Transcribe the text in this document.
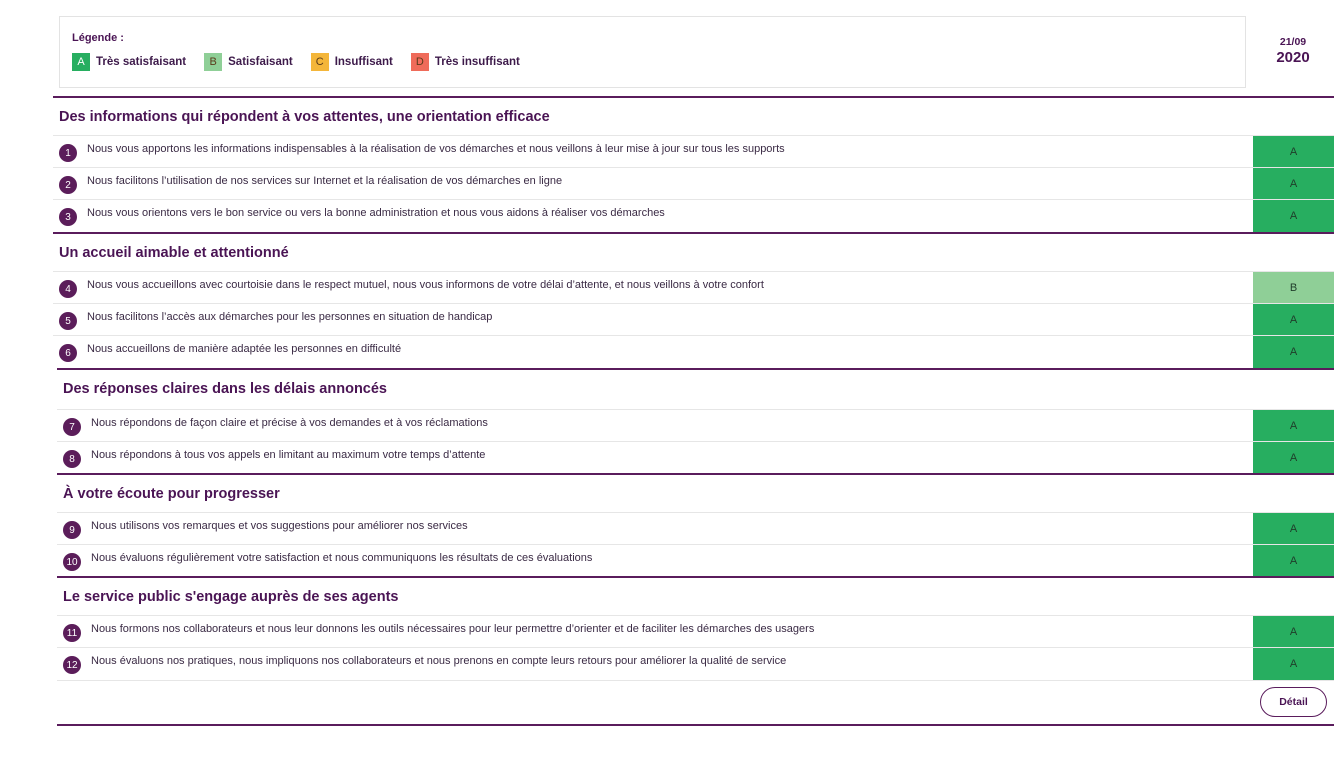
Légende :
A Très satisfaisant	B Satisfaisant	C Insuffisant	D Très insuffisant
21/09
2020
Des informations qui répondent à vos attentes, une orientation efficace
1	Nous vous apportons les informations indispensables à la réalisation de vos démarches et nous veillons à leur mise à jour sur tous les supports	A
2	Nous facilitons l’utilisation de nos services sur Internet et la réalisation de vos démarches en ligne	A
3	Nous vous orientons vers le bon service ou vers la bonne administration et nous vous aidons à réaliser vos démarches	A
Un accueil aimable et attentionné
4	Nous vous accueillons avec courtoisie dans le respect mutuel, nous vous informons de votre délai d’attente, et nous veillons à votre confort	B
5	Nous facilitons l’accès aux démarches pour les personnes en situation de handicap	A
6	Nous accueillons de manière adaptée les personnes en difficulté	A
Des réponses claires dans les délais annoncés
7	Nous répondons de façon claire et précise à vos demandes et à vos réclamations	A
8	Nous répondons à tous vos appels en limitant au maximum votre temps d’attente	A
À votre écoute pour progresser
9	Nous utilisons vos remarques et vos suggestions pour améliorer nos services	A
10	Nous évaluons régulièrement votre satisfaction et nous communiquons les résultats de ces évaluations	A
Le service public s'engage auprès de ses agents
11	Nous formons nos collaborateurs et nous leur donnons les outils nécessaires pour leur permettre d’orienter et de faciliter les démarches des usagers	A
12	Nous évaluons nos pratiques, nous impliquons nos collaborateurs et nous prenons en compte leurs retours pour améliorer la qualité de service	A
Détail
